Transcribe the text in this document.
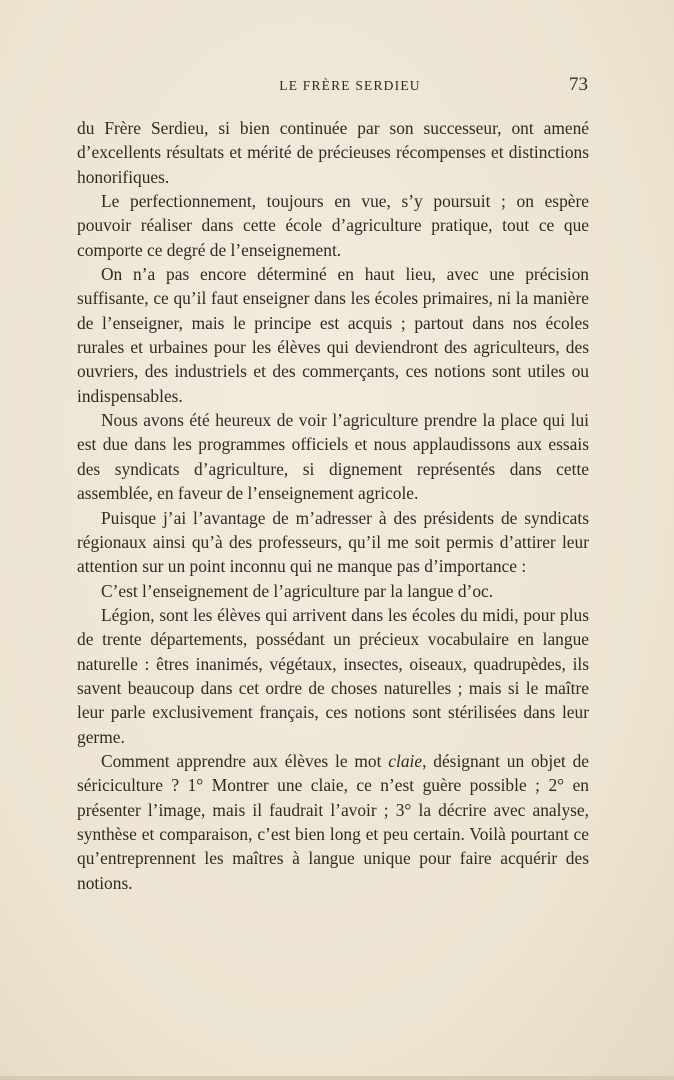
LE FRÈRE SERDIEU	73

du Frère Serdieu, si bien continuée par son successeur, ont amené d’excellents résultats et mérité de précieuses récompenses et distinctions honorifiques.

Le perfectionnement, toujours en vue, s’y poursuit ; on espère pouvoir réaliser dans cette école d’agriculture pratique, tout ce que comporte ce degré de l’enseignement.

On n’a pas encore déterminé en haut lieu, avec une précision suffisante, ce qu’il faut enseigner dans les écoles primaires, ni la manière de l’enseigner, mais le principe est acquis ; partout dans nos écoles rurales et urbaines pour les élèves qui deviendront des agriculteurs, des ouvriers, des industriels et des commerçants, ces notions sont utiles ou indispensables.

Nous avons été heureux de voir l’agriculture prendre la place qui lui est due dans les programmes officiels et nous applaudissons aux essais des syndicats d’agriculture, si dignement représentés dans cette assemblée, en faveur de l’enseignement agricole.

Puisque j’ai l’avantage de m’adresser à des présidents de syndicats régionaux ainsi qu’à des professeurs, qu’il me soit permis d’attirer leur attention sur un point inconnu qui ne manque pas d’importance :

C’est l’enseignement de l’agriculture par la langue d’oc.

Légion, sont les élèves qui arrivent dans les écoles du midi, pour plus de trente départements, possédant un précieux vocabulaire en langue naturelle : êtres inanimés, végétaux, insectes, oiseaux, quadrupèdes, ils savent beaucoup dans cet ordre de choses naturelles ; mais si le maître leur parle exclusivement français, ces notions sont stérilisées dans leur germe.

Comment apprendre aux élèves le mot claie, désignant un objet de sériciculture ? 1° Montrer une claie, ce n’est guère possible ; 2° en présenter l’image, mais il faudrait l’avoir ; 3° la décrire avec analyse, synthèse et comparaison, c’est bien long et peu certain. Voilà pourtant ce qu’entreprennent les maîtres à langue unique pour faire acquérir des notions.
